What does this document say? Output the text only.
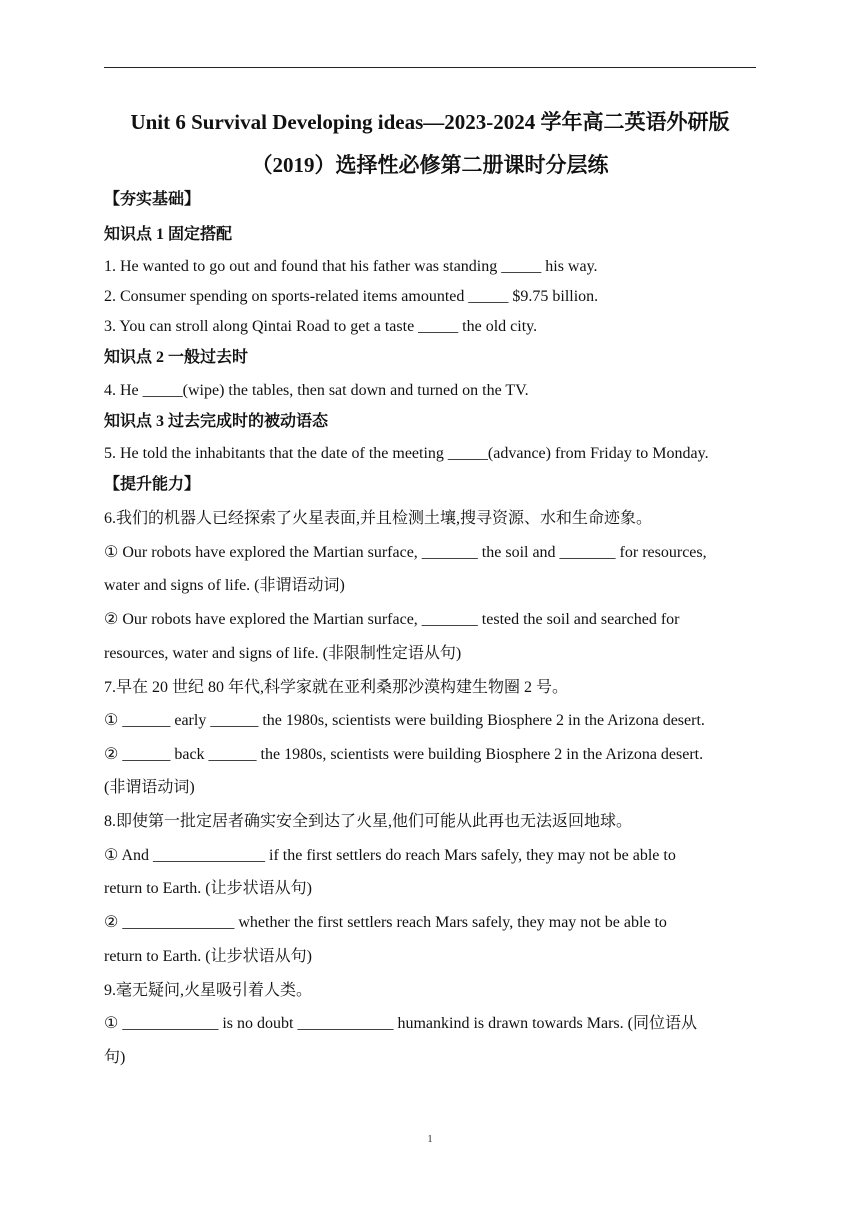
Unit 6 Survival Developing ideas—2023-2024 学年高二英语外研版
（2019）选择性必修第二册课时分层练
【夯实基础】
知识点 1 固定搭配
1. He wanted to go out and found that his father was standing _____ his way.
2. Consumer spending on sports-related items amounted _____ $9.75 billion.
3. You can stroll along Qintai Road to get a taste _____ the old city.
知识点 2 一般过去时
4. He _____(wipe) the tables, then sat down and turned on the TV.
知识点 3 过去完成时的被动语态
5. He told the inhabitants that the date of the meeting _____(advance) from Friday to Monday.
【提升能力】
6.我们的机器人已经探索了火星表面,并且检测土壤,搜寻资源、水和生命迹象。
① Our robots have explored the Martian surface, _______ the soil and _______ for resources,
water and signs of life. (非谓语动词)
② Our robots have explored the Martian surface, _______ tested the soil and searched for
resources, water and signs of life. (非限制性定语从句)
7.早在 20 世纪 80 年代,科学家就在亚利桑那沙漠构建生物圈 2 号。
① ______ early ______ the 1980s, scientists were building Biosphere 2 in the Arizona desert.
② ______ back ______ the 1980s, scientists were building Biosphere 2 in the Arizona desert.
(非谓语动词)
8.即使第一批定居者确实安全到达了火星,他们可能从此再也无法返回地球。
① And ______________ if the first settlers do reach Mars safely, they may not be able to
return to Earth. (让步状语从句)
② ______________ whether the first settlers reach Mars safely, they may not be able to
return to Earth. (让步状语从句)
9.毫无疑问,火星吸引着人类。
① ____________ is no doubt ____________ humankind is drawn towards Mars. (同位语从
句)
1
